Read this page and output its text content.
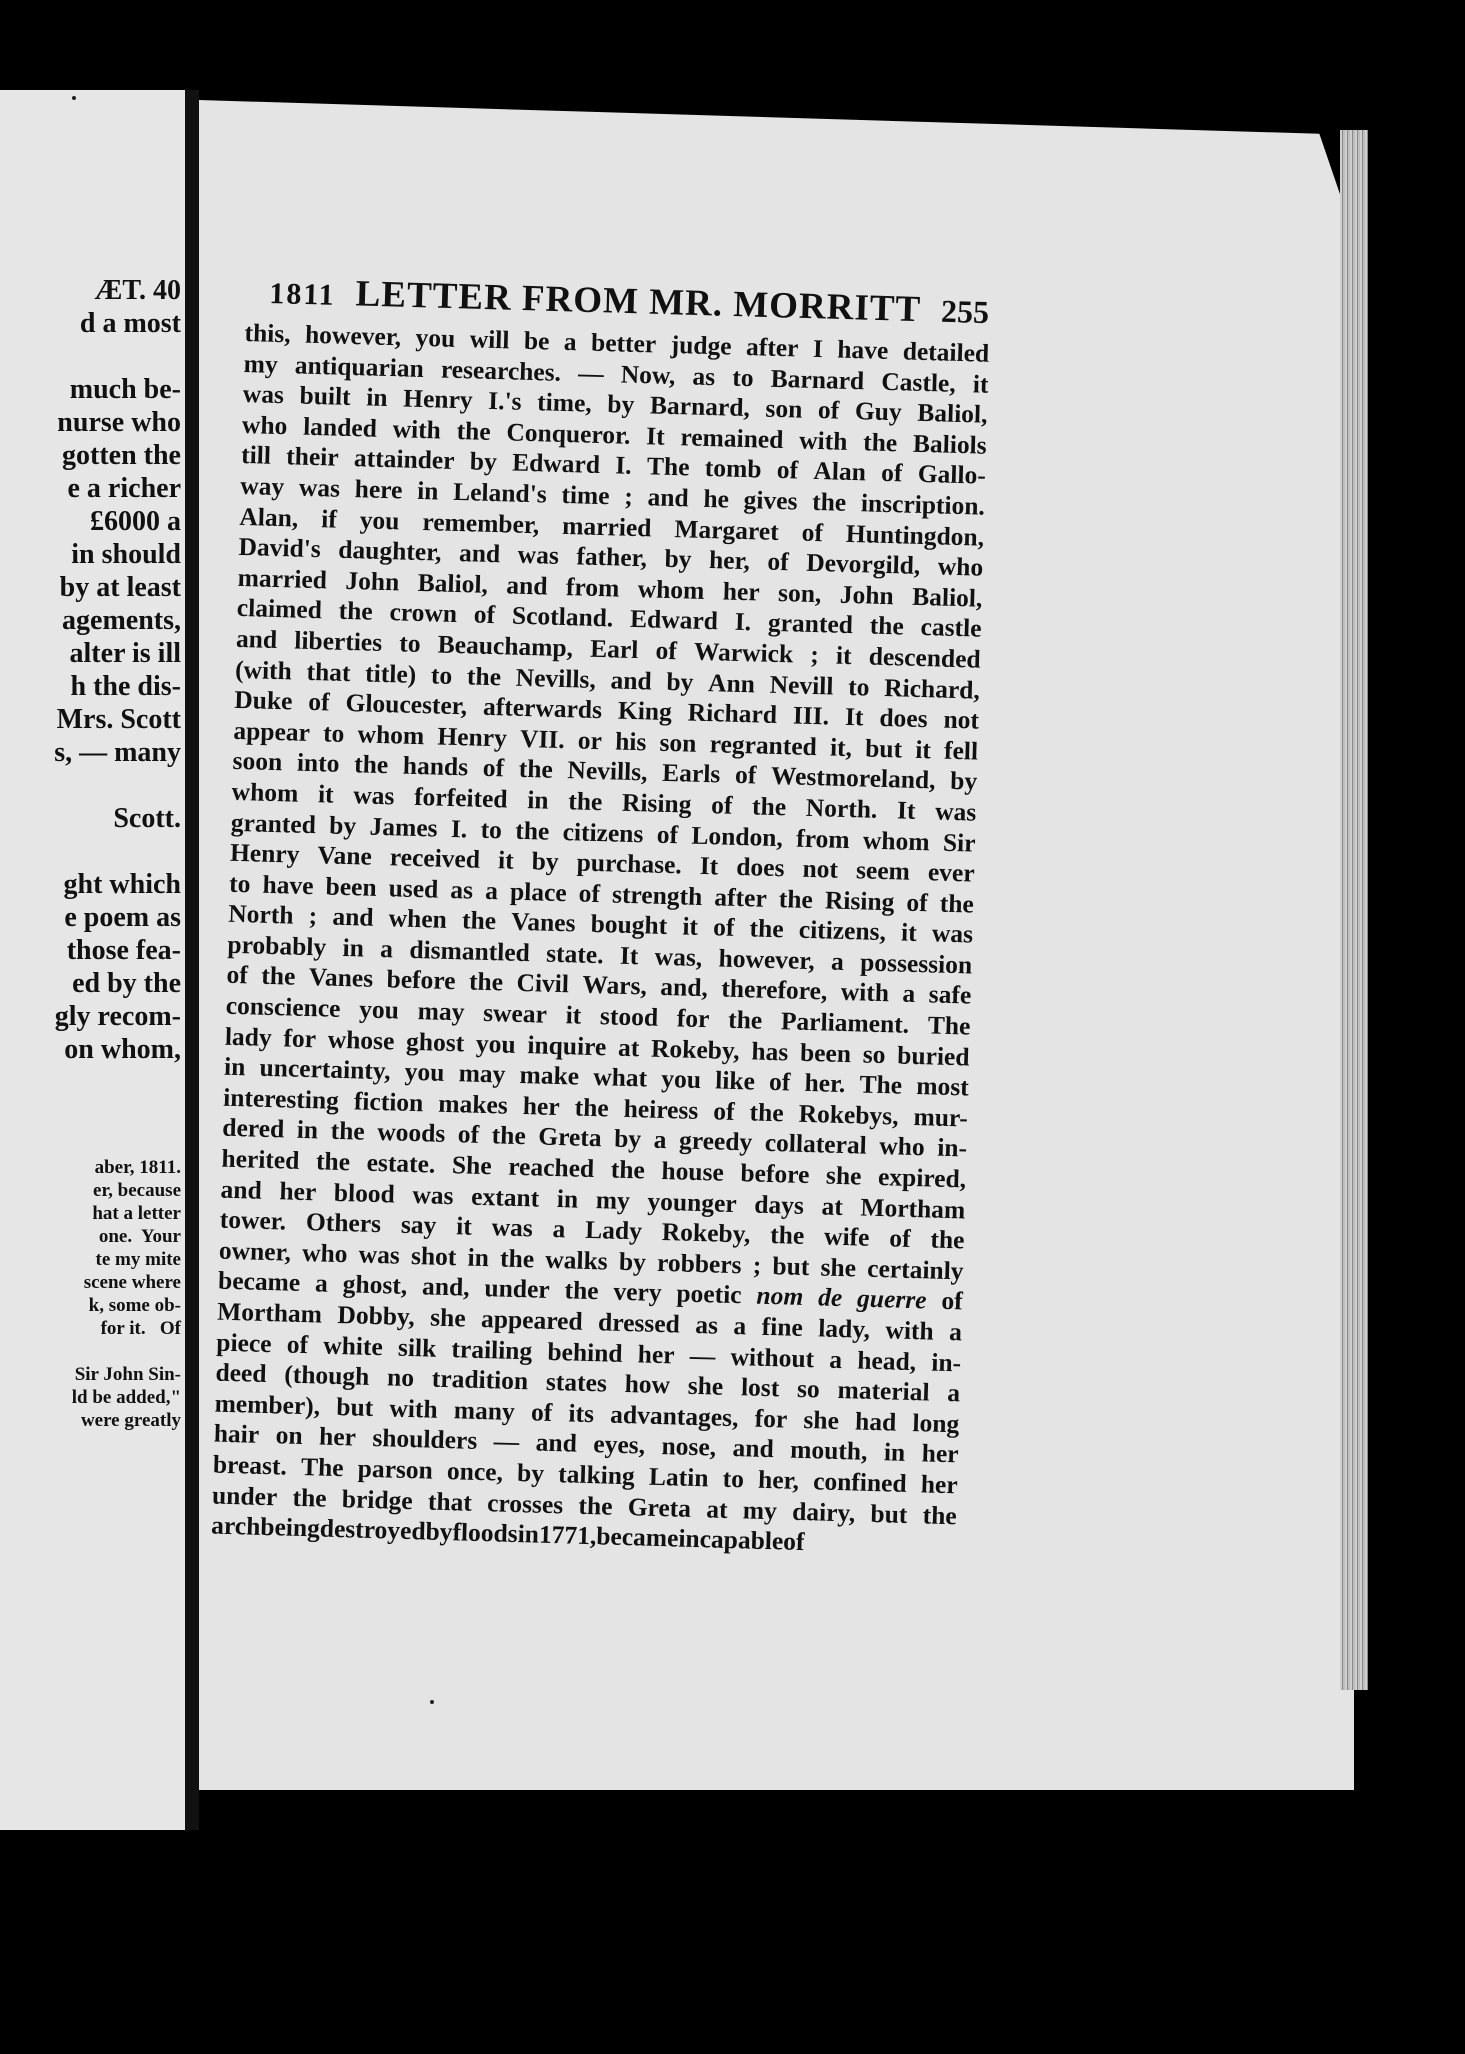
ÆT. 40
d a most

much be-
nurse who
gotten the
e a richer
£6000 a
in should
by at least
agements,
alter is ill
h the dis-
Mrs. Scott
s, — many

Scott.

ght which
e poem as
those fea-
ed by the
gly recom-
on whom,
aber, 1811.
er, because
hat a letter
one.  Your
te my mite
scene where
k, some ob-
for it.   Of

Sir John Sin-
ld be added,"
were greatly
1811 LETTER FROM MR. MORRITT 255
this, however, you will be a better judge after I have detailed
my antiquarian researches. — Now, as to Barnard Castle, it
was built in Henry I.'s time, by Barnard, son of Guy Baliol,
who landed with the Conqueror. It remained with the Baliols
till their attainder by Edward I. The tomb of Alan of Gallo-
way was here in Leland's time ; and he gives the inscription.
Alan, if you remember, married Margaret of Huntingdon,
David's daughter, and was father, by her, of Devorgild, who
married John Baliol, and from whom her son, John Baliol,
claimed the crown of Scotland. Edward I. granted the castle
and liberties to Beauchamp, Earl of Warwick ; it descended
(with that title) to the Nevills, and by Ann Nevill to Richard,
Duke of Gloucester, afterwards King Richard III. It does not
appear to whom Henry VII. or his son regranted it, but it fell
soon into the hands of the Nevills, Earls of Westmoreland, by
whom it was forfeited in the Rising of the North. It was
granted by James I. to the citizens of London, from whom Sir
Henry Vane received it by purchase. It does not seem ever
to have been used as a place of strength after the Rising of the
North ; and when the Vanes bought it of the citizens, it was
probably in a dismantled state. It was, however, a possession
of the Vanes before the Civil Wars, and, therefore, with a safe
conscience you may swear it stood for the Parliament. The
lady for whose ghost you inquire at Rokeby, has been so buried
in uncertainty, you may make what you like of her. The most
interesting fiction makes her the heiress of the Rokebys, mur-
dered in the woods of the Greta by a greedy collateral who in-
herited the estate. She reached the house before she expired,
and her blood was extant in my younger days at Mortham
tower. Others say it was a Lady Rokeby, the wife of the
owner, who was shot in the walks by robbers ; but she certainly
became a ghost, and, under the very poetic nom de guerre of
Mortham Dobby, she appeared dressed as a fine lady, with a
piece of white silk trailing behind her — without a head, in-
deed (though no tradition states how she lost so material a
member), but with many of its advantages, for she had long
hair on her shoulders — and eyes, nose, and mouth, in her
breast. The parson once, by talking Latin to her, confined her
under the bridge that crosses the Greta at my dairy, but the
arch being destroyed by floods in 1771, became incapable of
